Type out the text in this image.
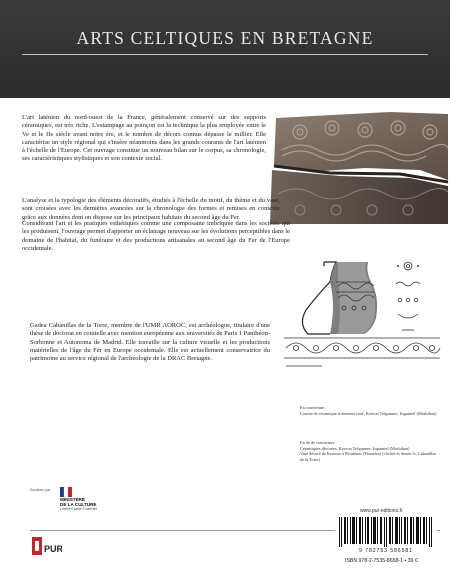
ARTS CELTIQUES EN BRETAGNE

L'art laténien du nord-ouest de la France, généralement conservé sur des supports céramiques, est très riche. L'estampage au poinçon est la technique la plus employée entre le Ve et le IIe siècle avant notre ère, et le nombre de décors connus dépasse le millier. Elle caractérise un style régional qui s'insère néanmoins dans les grands courants de l'art laténien à l'échelle de l'Europe. Cet ouvrage constitue un nouveau bilan sur le corpus, sa chronologie, ses caractéristiques stylistiques et son contexte social.

L'analyse et la typologie des éléments décoratifs, étudiés à l'échelle du motif, du thème et du vase, sont croisées avec les dernières avancées sur la chronologie des formes et remises en contexte grâce aux données dont on dispose sur les principaux habitats du second âge du Fer.

Considérant l'art et les pratiques esthétiques comme une composante imbriquée dans les sociétés qui les produisent, l'ouvrage permet d'apporter un éclairage nouveau sur les évolutions perceptibles dans le domaine de l'habitat, du funéraire et des productions artisanales au second âge du Fer de l'Europe occidentale.

Gadea Cabanillas de la Torre, membre de l'UMR AOROC, est archéologue, titulaire d'une thèse de doctorat en cotutelle avec mention européenne aux universités de Paris 1 Panthéon-Sorbonne et Autonoma de Madrid. Elle travaille sur la culture visuelle et les productions matérielles de l'âge du Fer en Europe occidentale. Elle est actuellement conservatrice du patrimoine au service régional de l'archéologie de la DRAC Bretagne.

En couverture :
Couvercle céramique richement orné, Kervon Trégunnec, Inguiniel (Morbihan)
En 4e de couverture :
Céramiques décorées, Kervon Trégunnec, Inguiniel (Morbihan)
Vase décoré de Kerouer à Plouhinec (Finistère) (clichés et dessin G. Cabanillas de la Torre)
Soutenu par
MINISTÈRE
DE LA CULTURE
Liberté Égalité Fraternité
PUR
www.pur-editions.fr
9 782753 586581
ISBN 978-2-7535-8658-1 • 39 €
